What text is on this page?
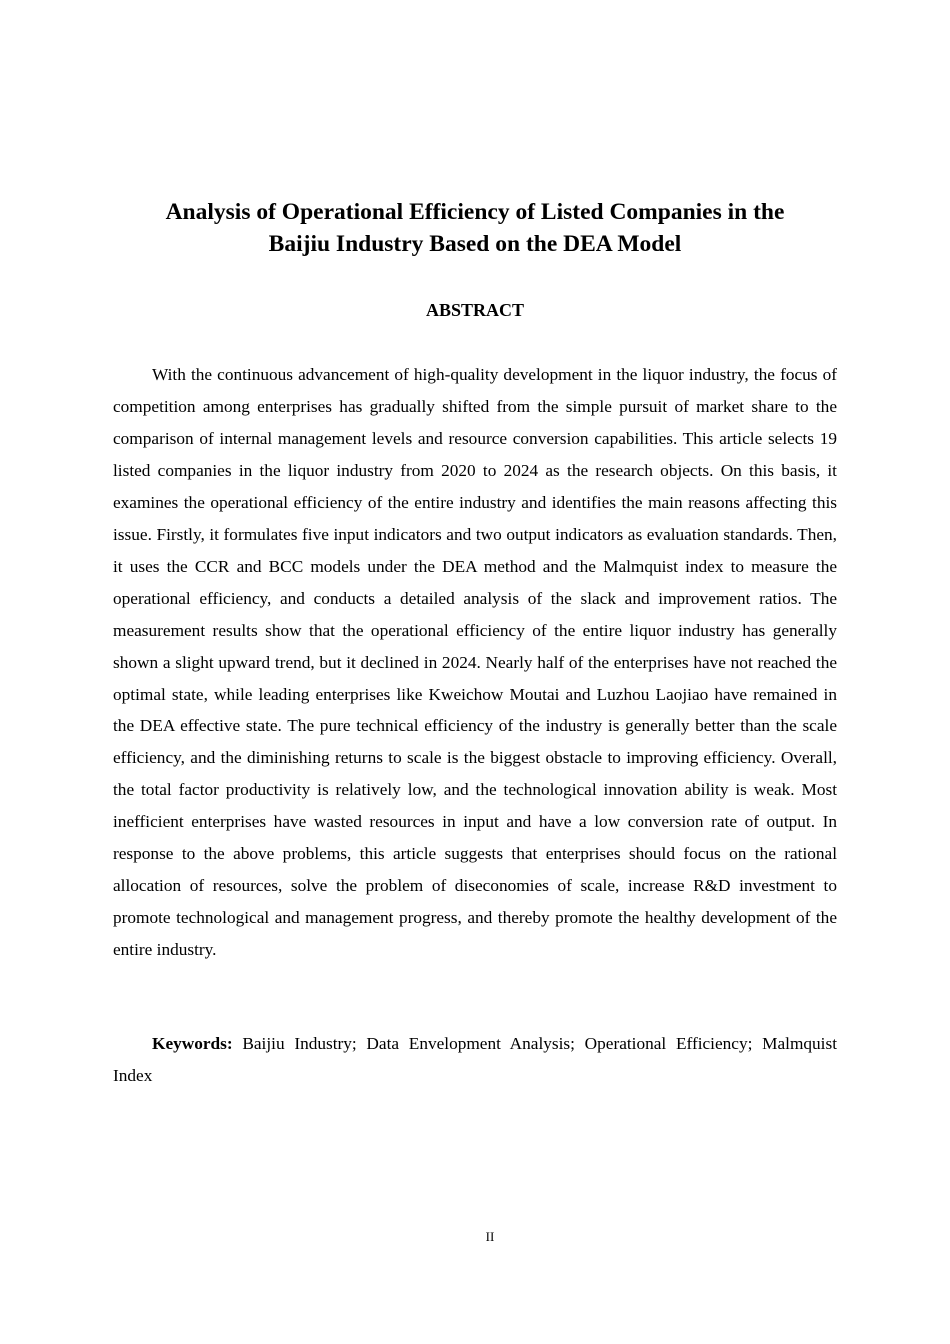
Analysis of Operational Efficiency of Listed Companies in the
Baijiu Industry Based on the DEA Model
ABSTRACT

With the continuous advancement of high-quality development in the liquor industry, the focus of competition among enterprises has gradually shifted from the simple pursuit of market share to the comparison of internal management levels and resource conversion capabilities. This article selects 19 listed companies in the liquor industry from 2020 to 2024 as the research objects. On this basis, it examines the operational efficiency of the entire industry and identifies the main reasons affecting this issue. Firstly, it formulates five input indicators and two output indicators as evaluation standards. Then, it uses the CCR and BCC models under the DEA method and the Malmquist index to measure the operational efficiency, and conducts a detailed analysis of the slack and improvement ratios. The measurement results show that the operational efficiency of the entire liquor industry has generally shown a slight upward trend, but it declined in 2024. Nearly half of the enterprises have not reached the optimal state, while leading enterprises like Kweichow Moutai and Luzhou Laojiao have remained in the DEA effective state. The pure technical efficiency of the industry is generally better than the scale efficiency, and the diminishing returns to scale is the biggest obstacle to improving efficiency. Overall, the total factor productivity is relatively low, and the technological innovation ability is weak. Most inefficient enterprises have wasted resources in input and have a low conversion rate of output. In response to the above problems, this article suggests that enterprises should focus on the rational allocation of resources, solve the problem of diseconomies of scale, increase R&D investment to promote technological and management progress, and thereby promote the healthy development of the entire industry.

Keywords: Baijiu Industry; Data Envelopment Analysis; Operational Efficiency; Malmquist Index

II
